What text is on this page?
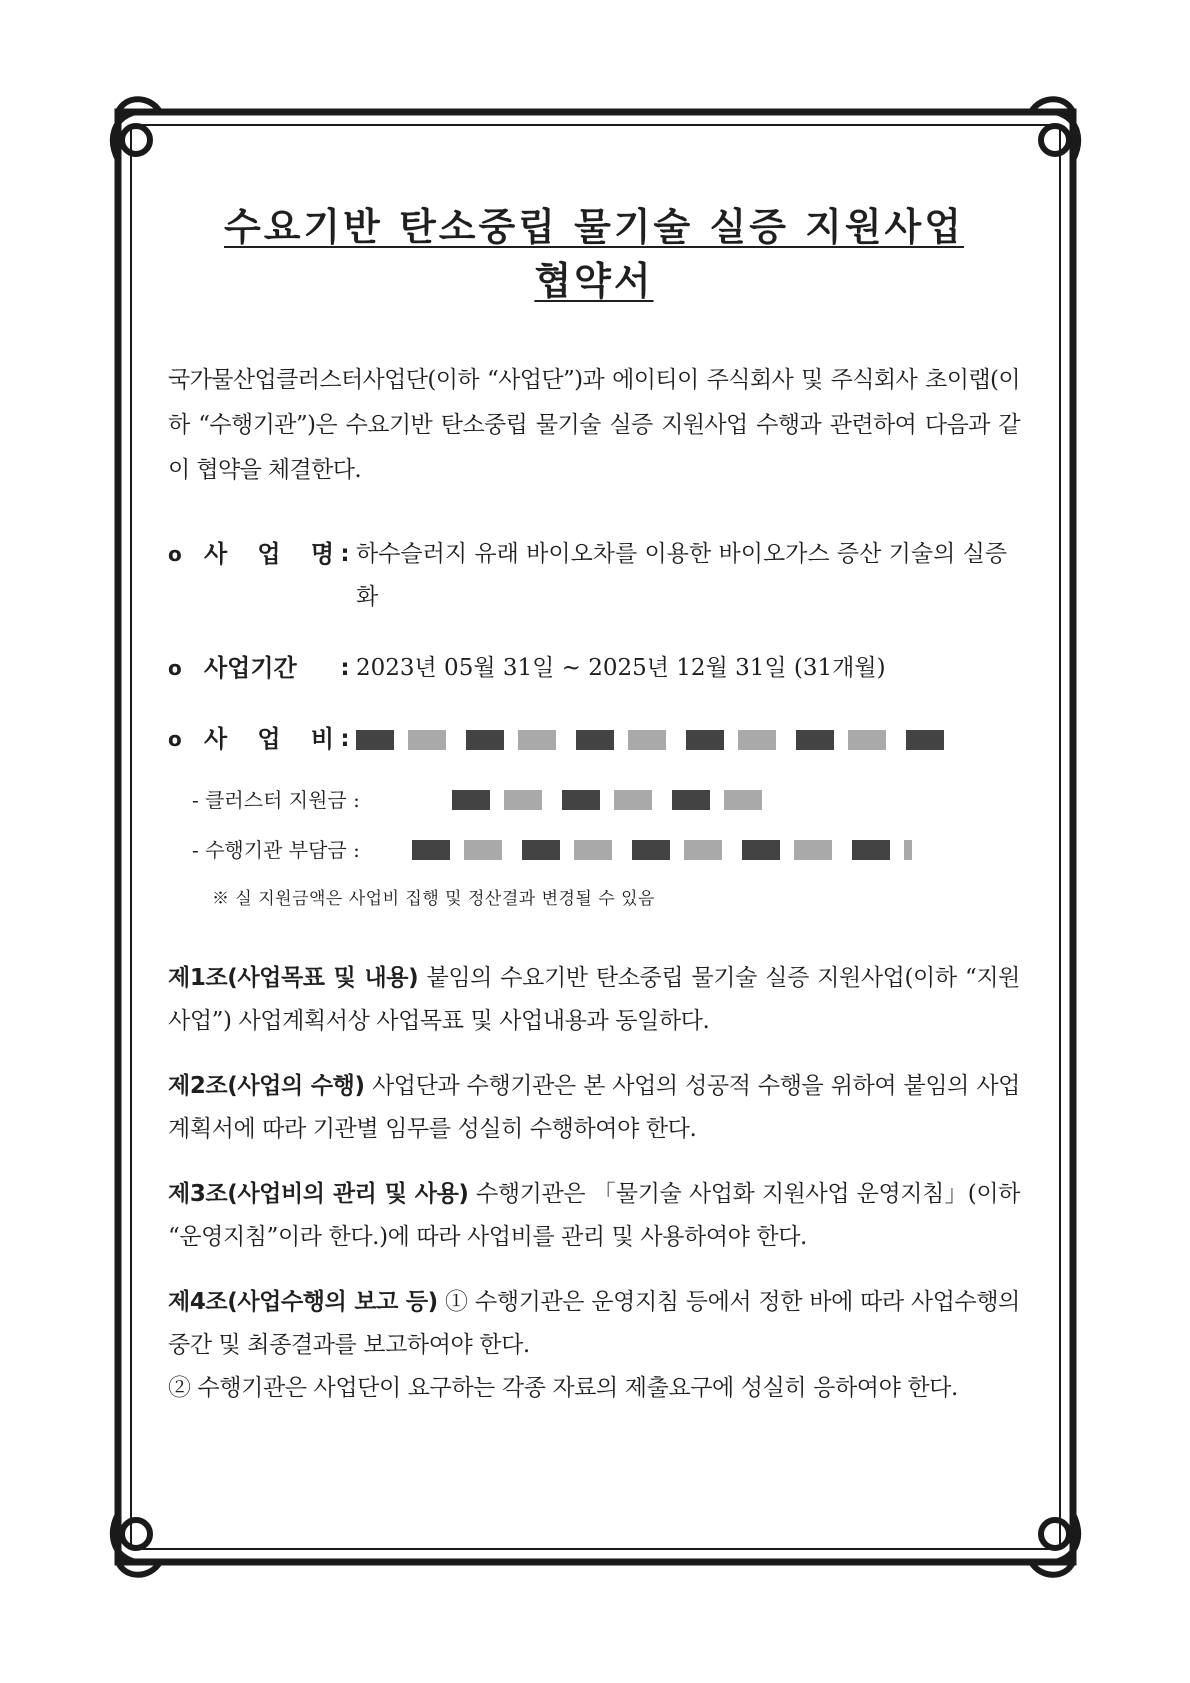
수요기반 탄소중립 물기술 실증 지원사업
협약서
국가물산업클러스터사업단(이하 “사업단”)과 에이티이 주식회사 및 주식회사 초이랩(이하 “수행기관”)은 수요기반 탄소중립 물기술 실증 지원사업 수행과 관련하여 다음과 같이 협약을 체결한다.
o 사 업 명 : 하수슬러지 유래 바이오차를 이용한 바이오가스 증산 기술의 실증화
o 사업기간	: 2023년 05월 31일 ~ 2025년 12월 31일 (31개월)
o 사 업 비 :
- 클러스터 지원금 :
- 수행기관 부담금 :
※ 실 지원금액은 사업비 집행 및 정산결과 변경될 수 있음

제1조(사업목표 및 내용) 붙임의 수요기반 탄소중립 물기술 실증 지원사업(이하 “지원사업”) 사업계획서상 사업목표 및 사업내용과 동일하다.

제2조(사업의 수행) 사업단과 수행기관은 본 사업의 성공적 수행을 위하여 붙임의 사업계획서에 따라 기관별 임무를 성실히 수행하여야 한다.

제3조(사업비의 관리 및 사용) 수행기관은 「물기술 사업화 지원사업 운영지침」(이하 “운영지침”이라 한다.)에 따라 사업비를 관리 및 사용하여야 한다.

제4조(사업수행의 보고 등) ① 수행기관은 운영지침 등에서 정한 바에 따라 사업수행의 중간 및 최종결과를 보고하여야 한다.

② 수행기관은 사업단이 요구하는 각종 자료의 제출요구에 성실히 응하여야 한다.
